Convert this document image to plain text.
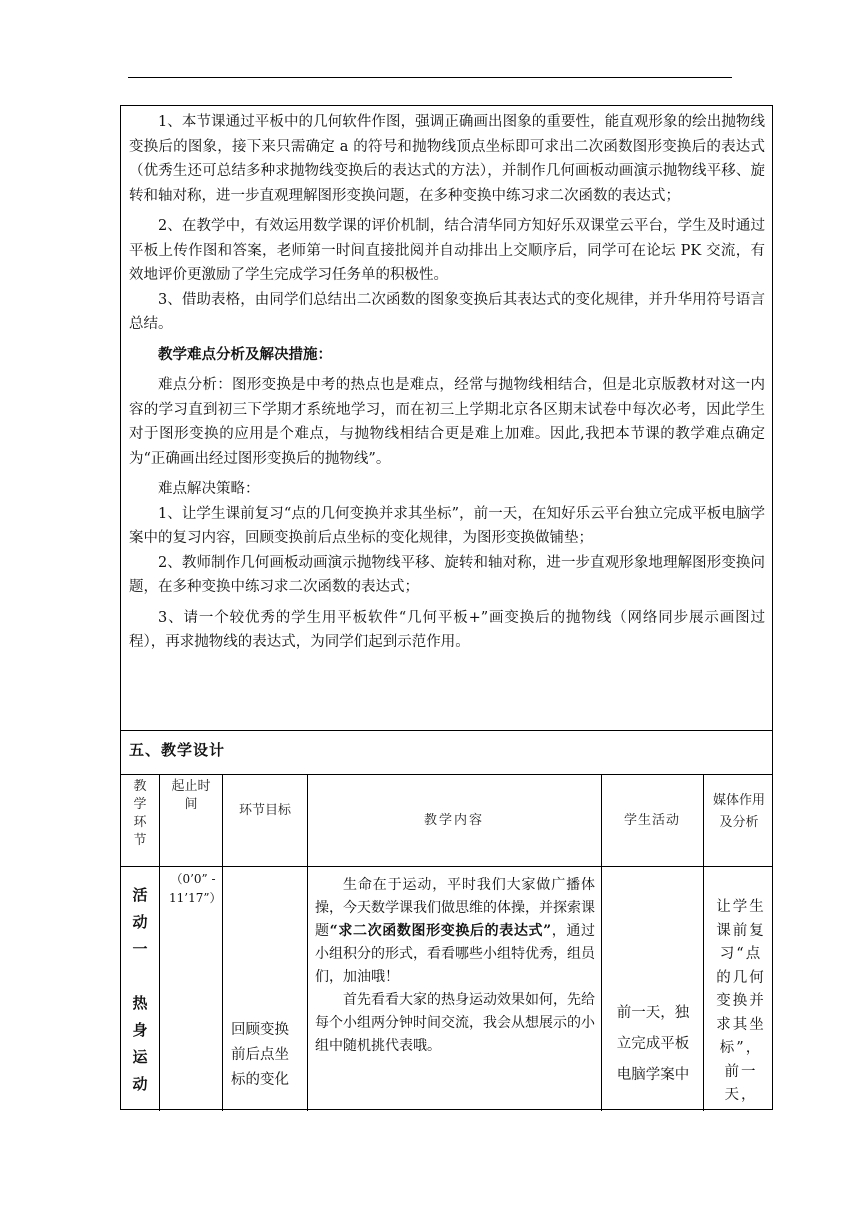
1、本节课通过平板中的几何软件作图，强调正确画出图象的重要性，能直观形象的绘出抛物线变换后的图象，接下来只需确定 a 的符号和抛物线顶点坐标即可求出二次函数图形变换后的表达式（优秀生还可总结多种求抛物线变换后的表达式的方法），并制作几何画板动画演示抛物线平移、旋转和轴对称，进一步直观理解图形变换问题，在多种变换中练习求二次函数的表达式；

2、在教学中，有效运用数学课的评价机制，结合清华同方知好乐双课堂云平台，学生及时通过平板上传作图和答案，老师第一时间直接批阅并自动排出上交顺序后，同学可在论坛 PK 交流，有效地评价更激励了学生完成学习任务单的积极性。

3、借助表格，由同学们总结出二次函数的图象变换后其表达式的变化规律，并升华用符号语言总结。

教学难点分析及解决措施：

难点分析：图形变换是中考的热点也是难点，经常与抛物线相结合，但是北京版教材对这一内容的学习直到初三下学期才系统地学习，而在初三上学期北京各区期末试卷中每次必考，因此学生对于图形变换的应用是个难点，与抛物线相结合更是难上加难。因此,我把本节课的教学难点确定为“正确画出经过图形变换后的抛物线”。

难点解决策略：

1、让学生课前复习“点的几何变换并求其坐标”，前一天，在知好乐云平台独立完成平板电脑学案中的复习内容，回顾变换前后点坐标的变化规律，为图形变换做铺垫；

2、教师制作几何画板动画演示抛物线平移、旋转和轴对称，进一步直观形象地理解图形变换问题，在多种变换中练习求二次函数的表达式；

3、请一个较优秀的学生用平板软件“几何平板+”画变换后的抛物线（网络同步展示画图过程），再求抛物线的表达式，为同学们起到示范作用。

五、教学设计
教学环节
起止时间	环节目标
教学内容	学生活动
媒体作用及分析
活动一
热身运动
（0’0” - 11’17”）
回顾变换前后点坐标的变化

生命在于运动，平时我们大家做广播体操，今天数学课我们做思维的体操，并探索课题“求二次函数图形变换后的表达式”，通过小组积分的形式，看看哪些小组特优秀，组员们，加油哦！

首先看看大家的热身运动效果如何，先给每个小组两分钟时间交流，我会从想展示的小组中随机挑代表哦。

前一天，独立完成平板电脑学案中
让学生课前复习“点的几何变换并求其坐标”，前一天，
